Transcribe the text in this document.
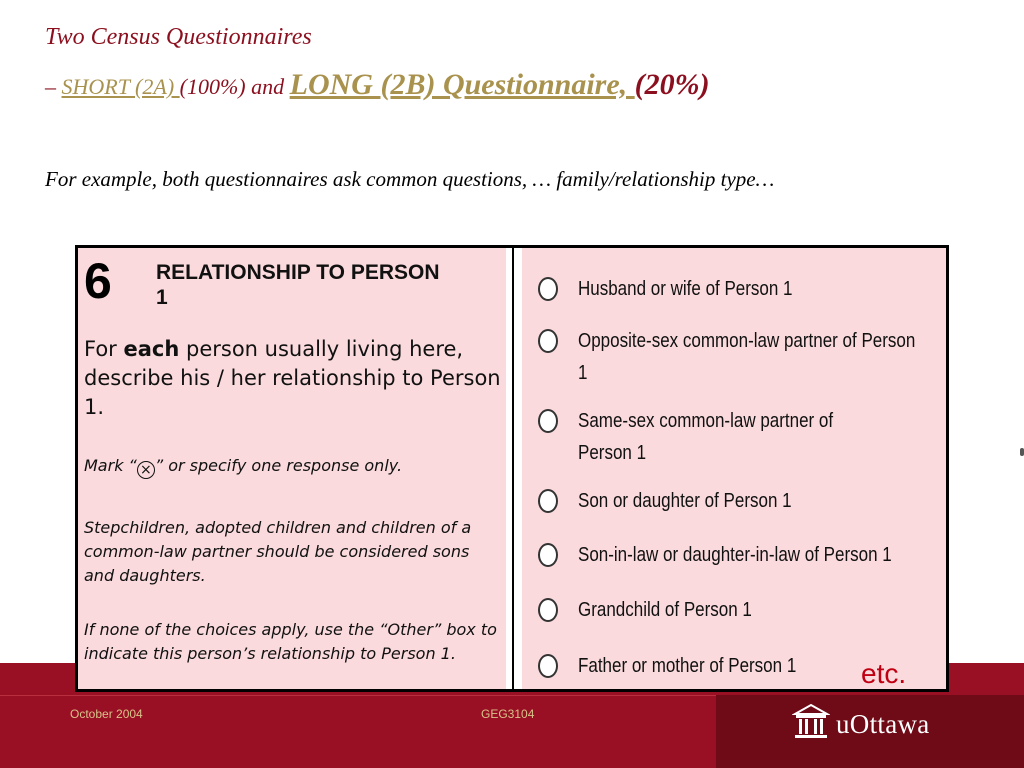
Two Census Questionnaires
– SHORT (2A) (100%) and LONG (2B) Questionnaire, (20%)
For example, both questionnaires ask common questions, … family/relationship type…
October 2004	GEG3104	uOttawa
6 RELATIONSHIP TO PERSON 1
For each person usually living here, describe his / her relationship to Person 1.
Mark “ × ” or specify one response only.
Stepchildren, adopted children and children of a common-law partner should be considered sons and daughters.
If none of the choices apply, use the “Other” box to indicate this person’s relationship to Person 1.
Husband or wife of Person 1
Opposite-sex common-law partner of Person 1
Same-sex common-law partner of Person 1
Son or daughter of Person 1
Son-in-law or daughter-in-law of Person 1
Grandchild of Person 1
Father or mother of Person 1	etc.
